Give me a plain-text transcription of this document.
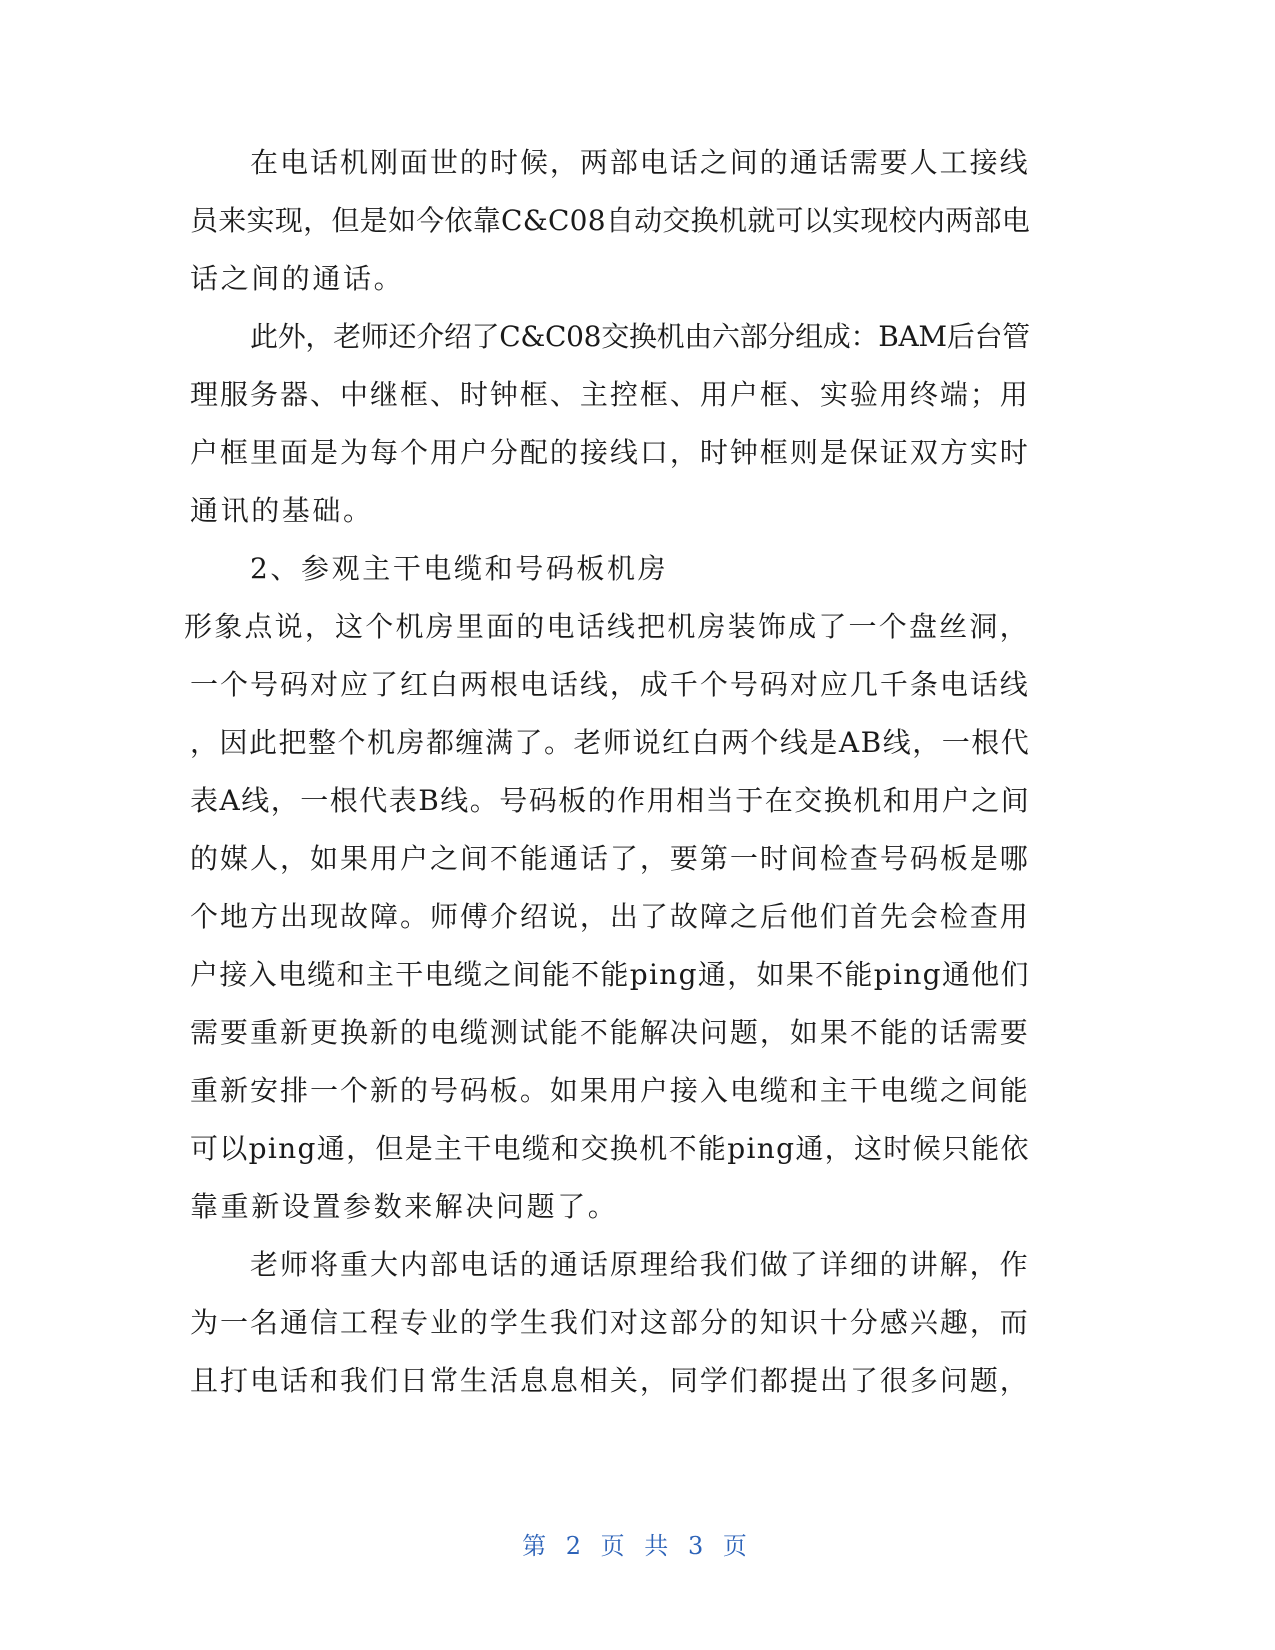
在电话机刚面世的时候，两部电话之间的通话需要人工接线
员来实现，但是如今依靠C&C08自动交换机就可以实现校内两部电
话之间的通话。
此外，老师还介绍了C&C08交换机由六部分组成：BAM后台管
理服务器、中继框、时钟框、主控框、用户框、实验用终端；用
户框里面是为每个用户分配的接线口，时钟框则是保证双方实时
通讯的基础。
2、参观主干电缆和号码板机房
形象点说，这个机房里面的电话线把机房装饰成了一个盘丝洞，
一个号码对应了红白两根电话线，成千个号码对应几千条电话线
，因此把整个机房都缠满了。老师说红白两个线是AB线，一根代
表A线，一根代表B线。号码板的作用相当于在交换机和用户之间
的媒人，如果用户之间不能通话了，要第一时间检查号码板是哪
个地方出现故障。师傅介绍说，出了故障之后他们首先会检查用
户接入电缆和主干电缆之间能不能ping通，如果不能ping通他们
需要重新更换新的电缆测试能不能解决问题，如果不能的话需要
重新安排一个新的号码板。如果用户接入电缆和主干电缆之间能
可以ping通，但是主干电缆和交换机不能ping通，这时候只能依
靠重新设置参数来解决问题了。
老师将重大内部电话的通话原理给我们做了详细的讲解，作
为一名通信工程专业的学生我们对这部分的知识十分感兴趣，而
且打电话和我们日常生活息息相关，同学们都提出了很多问题，
第 2 页 共 3 页
